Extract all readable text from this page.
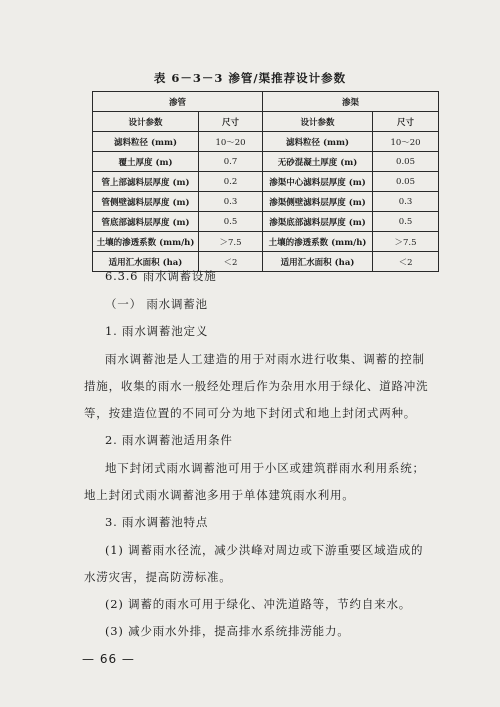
表 6－3－3 渗管/渠推荐设计参数
渗管		渗渠	
设计参数	尺寸	设计参数	尺寸
滤料粒径 (mm)	10～20	滤料粒径 (mm)	10～20
覆土厚度 (m)	0.7	无砂混凝土厚度 (m)	0.05
管上部滤料层厚度 (m)	0.2	渗渠中心滤料层厚度 (m)	0.05
管侧壁滤料层厚度 (m)	0.3	渗渠侧壁滤料层厚度 (m)	0.3
管底部滤料层厚度 (m)	0.5	渗渠底部滤料层厚度 (m)	0.5
土壤的渗透系数 (mm/h)	＞7.5	土壤的渗透系数 (mm/h)	＞7.5
适用汇水面积 (ha)	＜2	适用汇水面积 (ha)	＜2
6.3.6 雨水调蓄设施
（一） 雨水调蓄池
1. 雨水调蓄池定义
雨水调蓄池是人工建造的用于对雨水进行收集、调蓄的控制
措施，收集的雨水一般经处理后作为杂用水用于绿化、道路冲洗
等，按建造位置的不同可分为地下封闭式和地上封闭式两种。
2. 雨水调蓄池适用条件
地下封闭式雨水调蓄池可用于小区或建筑群雨水利用系统；
地上封闭式雨水调蓄池多用于单体建筑雨水利用。
3. 雨水调蓄池特点
(1) 调蓄雨水径流，减少洪峰对周边或下游重要区域造成的
水涝灾害，提高防涝标准。
(2) 调蓄的雨水可用于绿化、冲洗道路等，节约自来水。
(3) 减少雨水外排，提高排水系统排涝能力。
— 66 —
